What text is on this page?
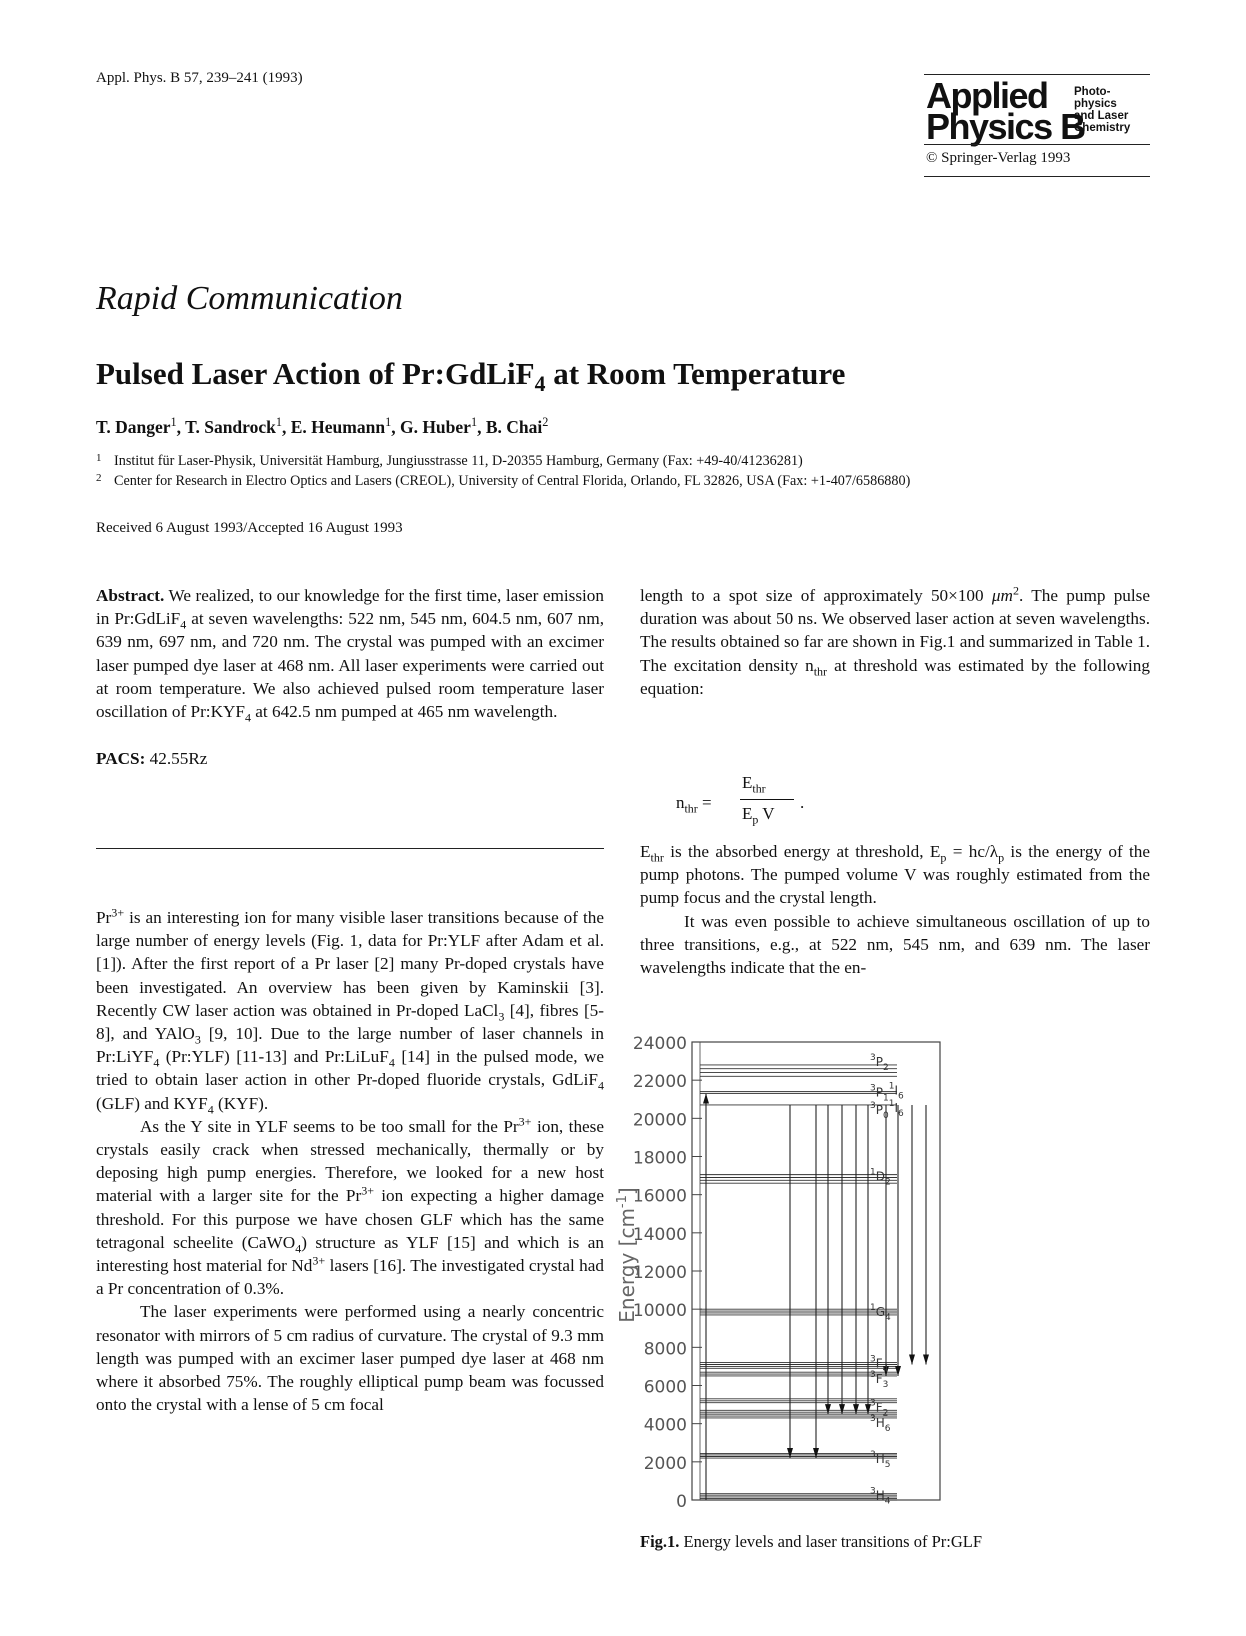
Appl. Phys. B 57, 239–241 (1993)	Applied
Physics B
Photo-
physics
and Laser
Chemistry
© Springer-Verlag 1993
Rapid Communication
Pulsed Laser Action of Pr:GdLiF$_4$ at Room Temperature
T. Danger$^1$, T. Sandrock$^1$, E. Heumann$^1$, G. Huber$^1$, B. Chai$^2$
1 Institut für Laser-Physik, Universität Hamburg, Jungiusstrasse 11, D-20355 Hamburg, Germany (Fax: +49-40/41236281)
2 Center for Research in Electro Optics and Lasers (CREOL), University of Central Florida, Orlando, FL 32826, USA (Fax: +1-407/6586880)
Received 6 August 1993/Accepted 16 August 1993

Abstract. We realized, to our knowledge for the first time, laser emission in Pr:GdLiF$_4$ at seven wavelengths: 522 nm, 545 nm, 604.5 nm, 607 nm, 639 nm, 697 nm, and 720 nm. The crystal was pumped with an excimer laser pumped dye laser at 468 nm. All laser experiments were carried out at room temperature. We also achieved pulsed room temperature laser oscillation of $Pr:KYF_4$ at 642.5 nm pumped at 465 nm wavelength.

PACS: 42.55Rz

$Pr^{3+}$ is an interesting ion for many visible laser transitions because of the large number of energy levels (Fig. 1, data for Pr:YLF after Adam et al. [1]). After the first report of a Pr laser [2] many Pr-doped crystals have been investigated. An overview has been given by Kaminskii [3]. Recently CW laser action was obtained in Pr-doped LaCl$_3$ [4], fibres [5-8], and YAlO$_3$ [9, 10]. Due to the large number of laser channels in Pr:LiYF$_4$ (Pr:YLF) [11-13] and Pr:LiLuF$_4$ [14] in the pulsed mode, we tried to obtain laser action in other Pr-doped fluoride crystals, GdLiF$_4$ (GLF) and $KYF_4$ (KYF).

As the Y site in YLF seems to be too small for the $Pr^{3+}$ ion, these crystals easily crack when stressed mechanically, thermally or by deposing high pump energies. Therefore, we looked for a new host material with a larger site for the $Pr^{3+}$ ion expecting a higher damage threshold. For this purpose we have chosen GLF which has the same tetragonal scheelite (CaWO$_4$) structure as YLF [15] and which is an interesting host material for $Nd^{3+}$ lasers [16]. The investigated crystal had a Pr concentration of 0.3%.

The laser experiments were performed using a nearly concentric resonator with mirrors of 5 cm radius of curvature. The crystal of 9.3 mm length was pumped with an excimer laser pumped dye laser at 468 nm where it absorbed 75%. The roughly elliptical pump beam was focussed onto the crystal with a lense of 5 cm focal

length to a spot size of approximately 50×100 $\mu m^2$. The pump pulse duration was about 50 ns. We observed laser action at seven wavelengths. The results obtained so far are shown in Fig.1 and summarized in Table 1. The excitation density $n_{thr}$ at threshold was estimated by the following equation:

$n_{thr}$ =
$E_{thr}$
$E_p$ V
.

$E_{thr}$ is the absorbed energy at threshold, $E_p = hc/\lambda_p$ is the energy of the pump photons. The pumped volume V was roughly estimated from the pump focus and the crystal length.

It was even possible to achieve simultaneous oscillation of up to three transitions, e.g., at 522 nm, 545 nm, and 639 nm. The laser wavelengths indicate that the en-

0
2000
4000
6000
8000
10000
12000
14000
16000
18000
20000
22000
24000
$^3P_2$
$^3P_1^1I_6$
$^3P_0^1I_6$
$^1D_2$
$^1G_4$
$^3F_4$
$^3F_3$
$^3F_2$
$^3H_6$
$^3H_5$
$^3H_4$
Energy $[cm^{-1}]$
Fig.1. Energy levels and laser transitions of Pr:GLF
